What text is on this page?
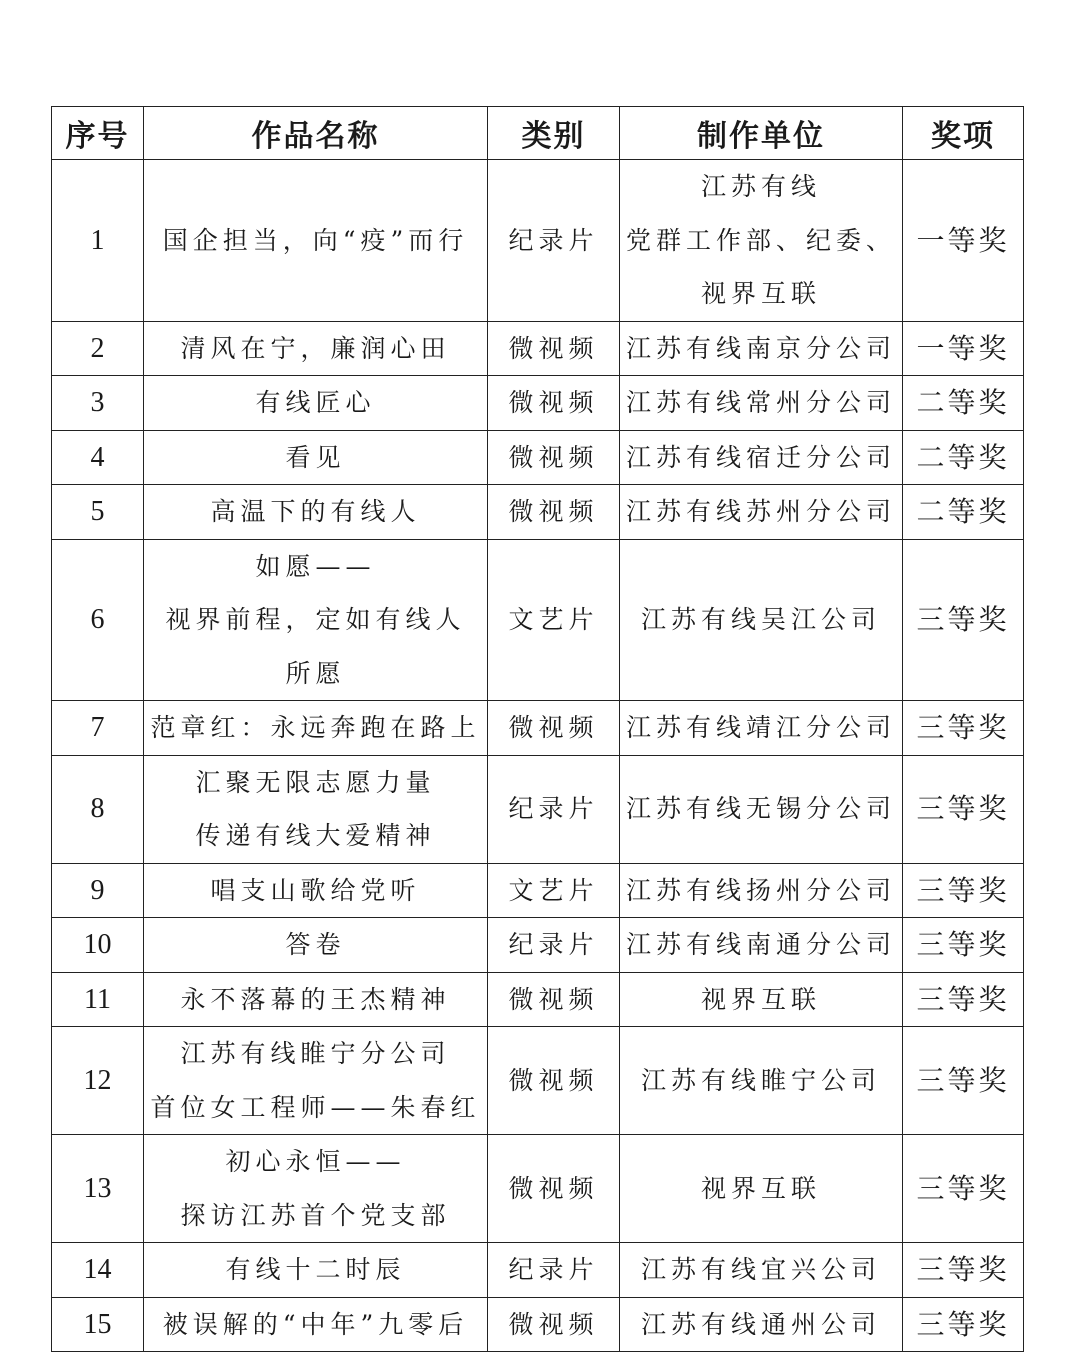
序号	作品名称	类别	制作单位	奖项
1	国企担当，向“疫”而行	纪录片	江苏有线
党群工作部、纪委、
视界互联	一等奖
2	清风在宁，廉润心田	微视频	江苏有线南京分公司	一等奖
3	有线匠心	微视频	江苏有线常州分公司	二等奖
4	看见	微视频	江苏有线宿迁分公司	二等奖
5	高温下的有线人	微视频	江苏有线苏州分公司	二等奖
6	如愿——
视界前程，定如有线人所愿	文艺片	江苏有线吴江公司	三等奖
7	范章红：永远奔跑在路上	微视频	江苏有线靖江分公司	三等奖
8	汇聚无限志愿力量
传递有线大爱精神	纪录片	江苏有线无锡分公司	三等奖
9	唱支山歌给党听	文艺片	江苏有线扬州分公司	三等奖
10	答卷	纪录片	江苏有线南通分公司	三等奖
11	永不落幕的王杰精神	微视频	视界互联	三等奖
12	江苏有线睢宁分公司
首位女工程师——朱春红	微视频	江苏有线睢宁公司	三等奖
13	初心永恒——
探访江苏首个党支部	微视频	视界互联	三等奖
14	有线十二时辰	纪录片	江苏有线宜兴公司	三等奖
15	被误解的“中年”九零后	微视频	江苏有线通州公司	三等奖
